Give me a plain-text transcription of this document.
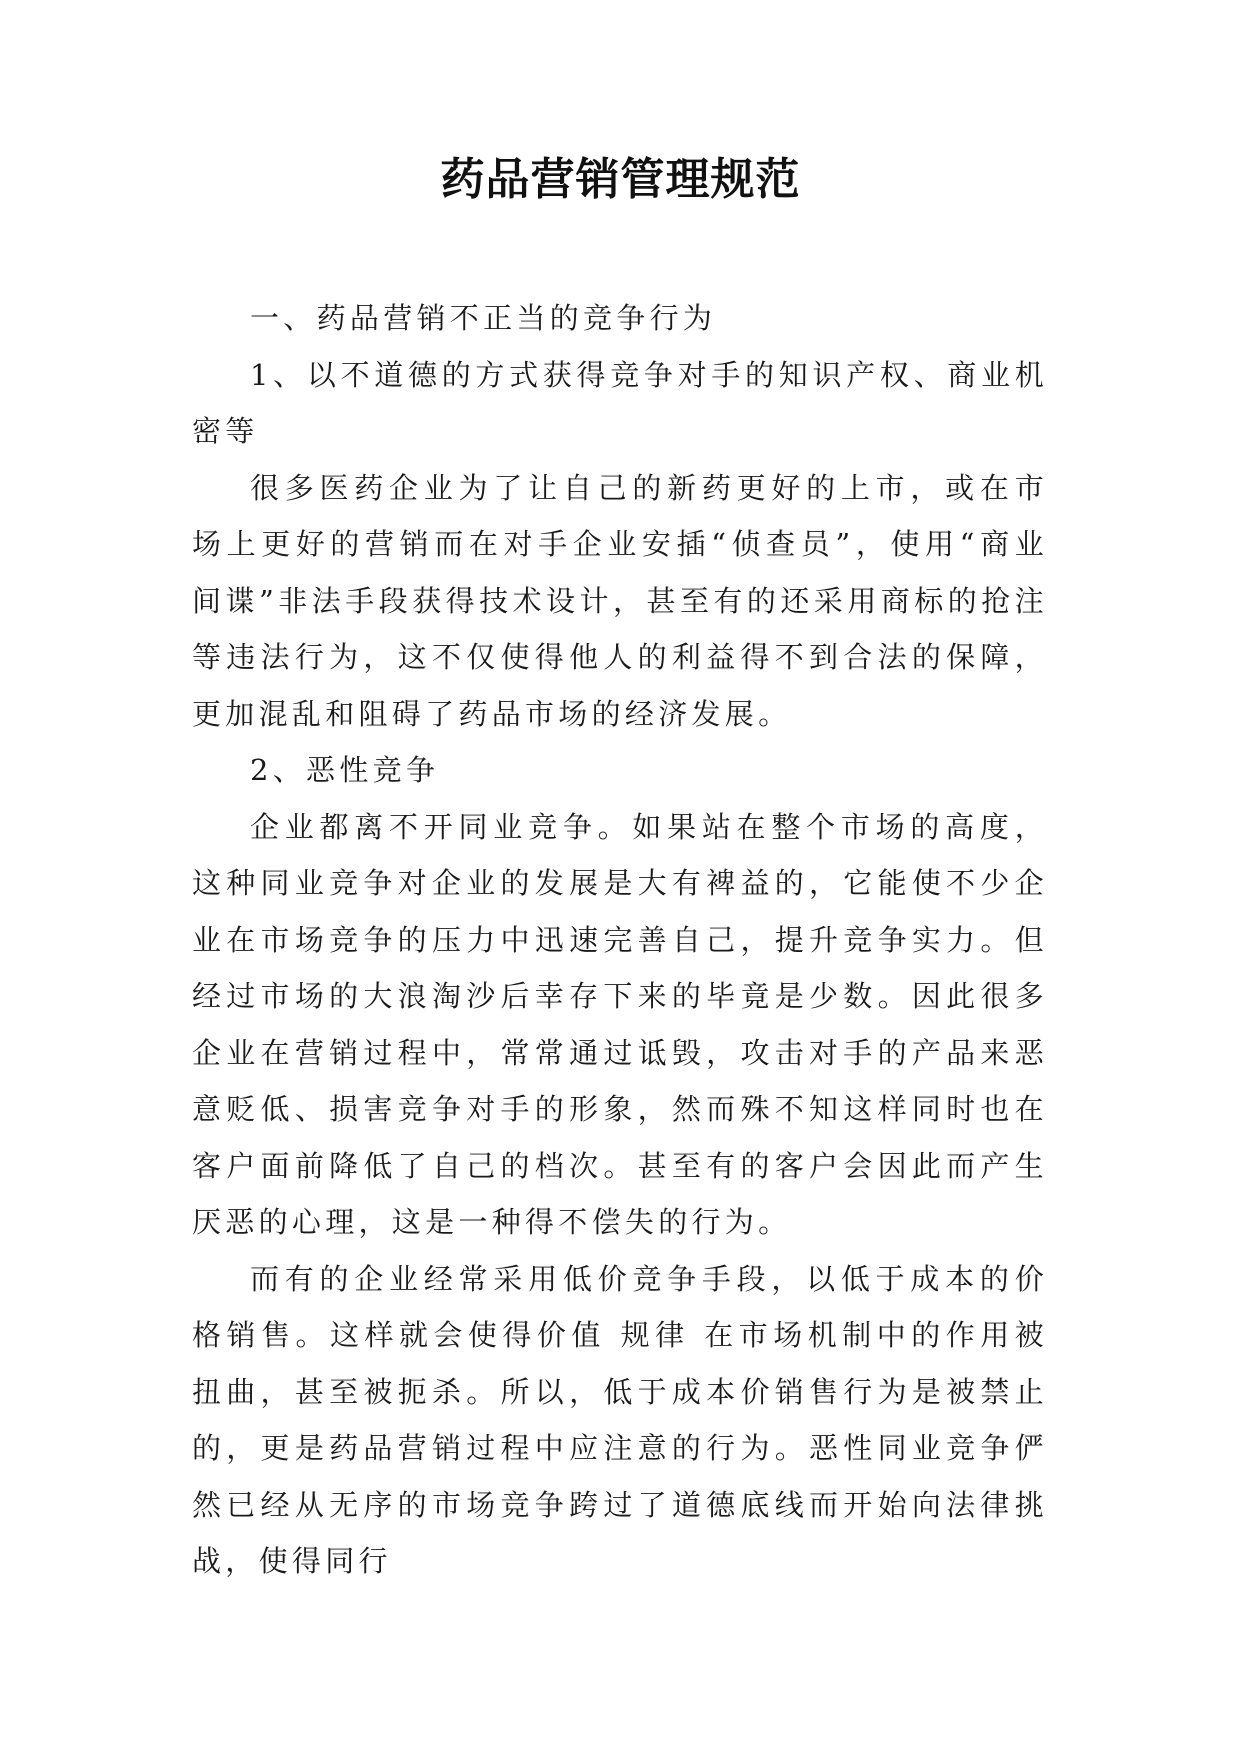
药品营销管理规范

一、药品营销不正当的竞争行为

1、以不道德的方式获得竞争对手的知识产权、商业机密等

很多医药企业为了让自己的新药更好的上市，或在市场上更好的营销而在对手企业安插“侦查员”，使用“商业间谍”非法手段获得技术设计，甚至有的还采用商标的抢注等违法行为，这不仅使得他人的利益得不到合法的保障，更加混乱和阻碍了药品市场的经济发展。

2、恶性竞争

企业都离不开同业竞争。如果站在整个市场的高度，这种同业竞争对企业的发展是大有裨益的，它能使不少企业在市场竞争的压力中迅速完善自己，提升竞争实力。但经过市场的大浪淘沙后幸存下来的毕竟是少数。因此很多企业在营销过程中，常常通过诋毁，攻击对手的产品来恶意贬低、损害竞争对手的形象，然而殊不知这样同时也在客户面前降低了自己的档次。甚至有的客户会因此而产生厌恶的心理，这是一种得不偿失的行为。

而有的企业经常采用低价竞争手段，以低于成本的价格销售。这样就会使得价值 规律 在市场机制中的作用被扭曲，甚至被扼杀。所以，低于成本价销售行为是被禁止的，更是药品营销过程中应注意的行为。恶性同业竞争俨然已经从无序的市场竞争跨过了道德底线而开始向法律挑战，使得同行
